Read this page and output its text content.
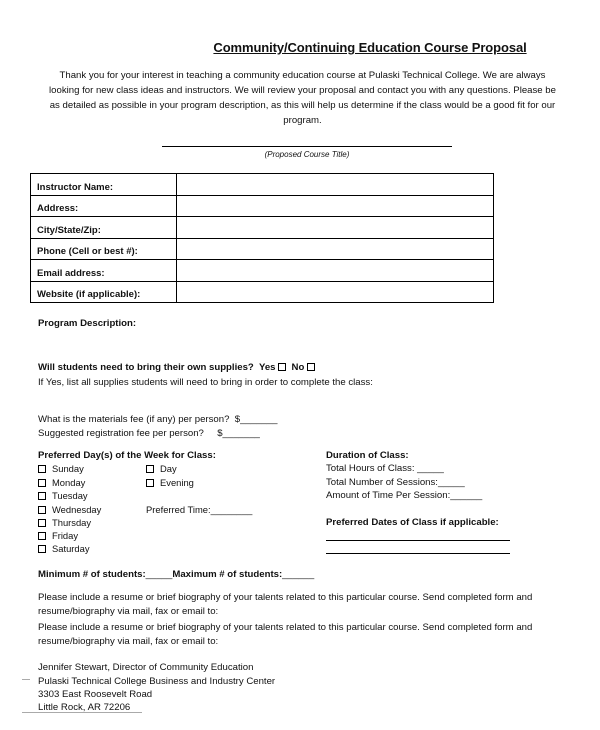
Community/Continuing Education Course Proposal
Thank you for your interest in teaching a community education course at Pulaski Technical College. We are always
looking for new class ideas and instructors. We will review your proposal and contact you with any questions. Please be
as detailed as possible in your program description, as this will help us determine if the class would be a good fit for our
program.
(Proposed Course Title)
Instructor Name:	
Address:	
City/State/Zip:	
Phone (Cell or best #):	
Email address:	
Website (if applicable):	
Program Description:
Will students need to bring their own supplies? Yes No
If Yes, list all supplies students will need to bring in order to complete the class:
What is the materials fee (if any) per person? $_______
Suggested registration fee per person? $_______
Preferred Day(s) of the Week for Class:
Sunday
Monday
Tuesday
Wednesday
Thursday
Friday
Saturday
Day
Evening
Preferred Time:________
Duration of Class:
Total Hours of Class: _____
Total Number of Sessions:_____
Amount of Time Per Session:______
Preferred Dates of Class if applicable:
Minimum # of students:_____Maximum # of students:______
Please include a resume or brief biography of your talents related to this particular course. Send completed form and
resume/biography via mail, fax or email to:
Please include a resume or brief biography of your talents related to this particular course. Send completed form and
resume/biography via mail, fax or email to:
Jennifer Stewart, Director of Community Education
Pulaski Technical College Business and Industry Center
3303 East Roosevelt Road
Little Rock, AR 72206
